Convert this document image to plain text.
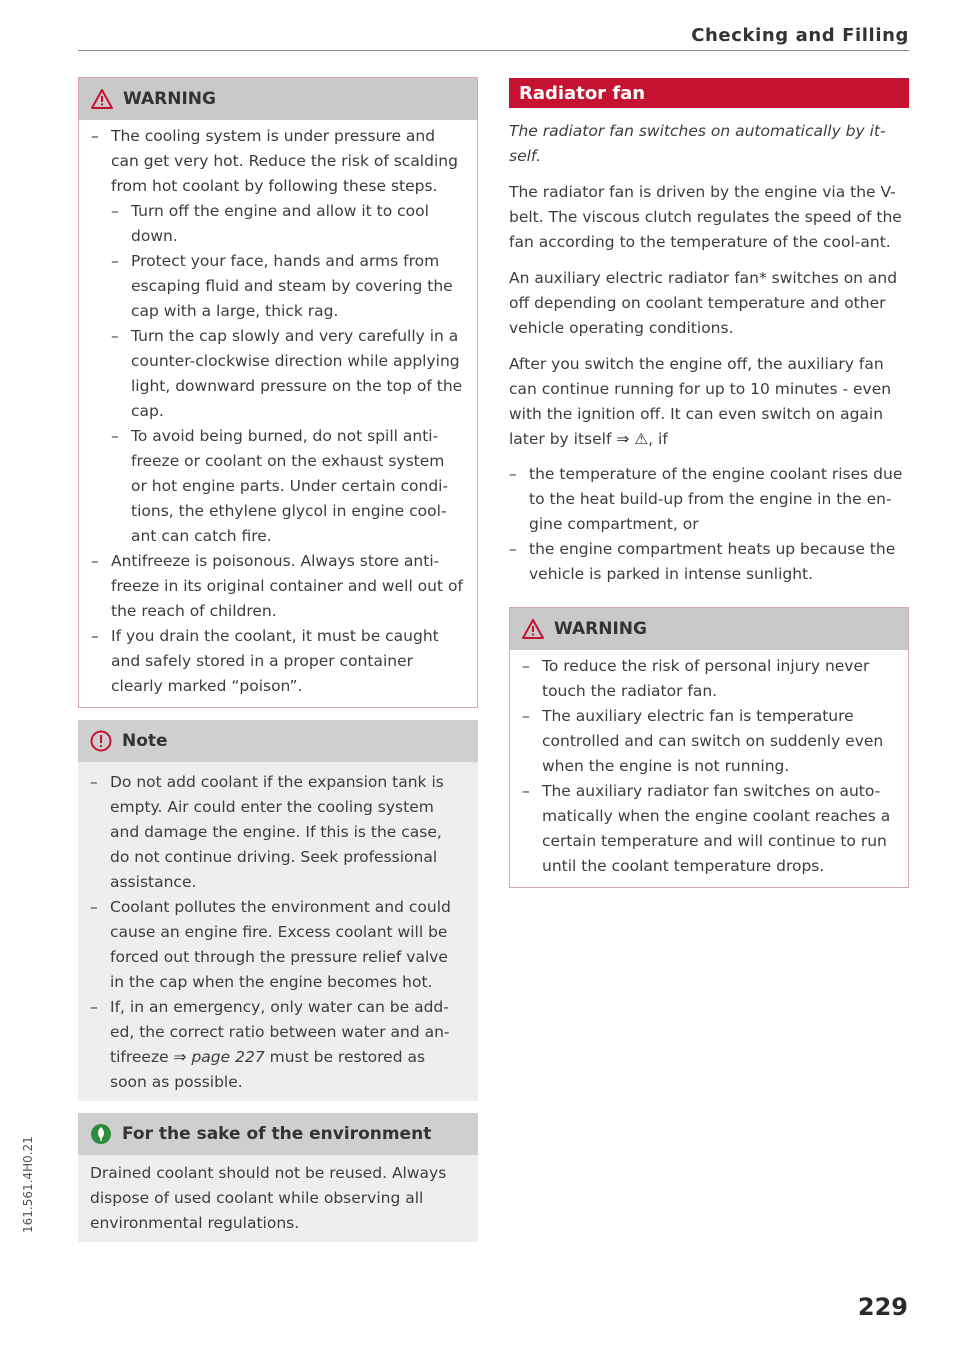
Checking and Filling
WARNING
– The cooling system is under pressure and can get very hot. Reduce the risk of scalding from hot coolant by following these steps.
– Turn off the engine and allow it to cool down.
– Protect your face, hands and arms from escaping fluid and steam by covering the cap with a large, thick rag.
– Turn the cap slowly and very carefully in a counter-clockwise direction while applying light, downward pressure on the top of the cap.
– To avoid being burned, do not spill anti-freeze or coolant on the exhaust system or hot engine parts. Under certain condi-tions, the ethylene glycol in engine cool-ant can catch fire.
– Antifreeze is poisonous. Always store anti-freeze in its original container and well out of the reach of children.
– If you drain the coolant, it must be caught and safely stored in a proper container clearly marked “poison”.
Note
– Do not add coolant if the expansion tank is empty. Air could enter the cooling system and damage the engine. If this is the case, do not continue driving. Seek professional assistance.
– Coolant pollutes the environment and could cause an engine fire. Excess coolant will be forced out through the pressure relief valve in the cap when the engine becomes hot.
– If, in an emergency, only water can be add-ed, the correct ratio between water and an-tifreeze ⇒ page 227 must be restored as soon as possible.
For the sake of the environment

Drained coolant should not be reused. Always dispose of used coolant while observing all environmental regulations.

Radiator fan

The radiator fan switches on automatically by it-self.

The radiator fan is driven by the engine via the V-belt. The viscous clutch regulates the speed of the fan according to the temperature of the cool-ant.

An auxiliary electric radiator fan* switches on and off depending on coolant temperature and other vehicle operating conditions.

After you switch the engine off, the auxiliary fan can continue running for up to 10 minutes - even with the ignition off. It can even switch on again later by itself ⇒ ⚠, if

– the temperature of the engine coolant rises due to the heat build-up from the engine in the en-gine compartment, or
– the engine compartment heats up because the vehicle is parked in intense sunlight.
WARNING
– To reduce the risk of personal injury never touch the radiator fan.
– The auxiliary electric fan is temperature controlled and can switch on suddenly even when the engine is not running.
– The auxiliary radiator fan switches on auto-matically when the engine coolant reaches a certain temperature and will continue to run until the coolant temperature drops.
229
161.561.4H0.21
